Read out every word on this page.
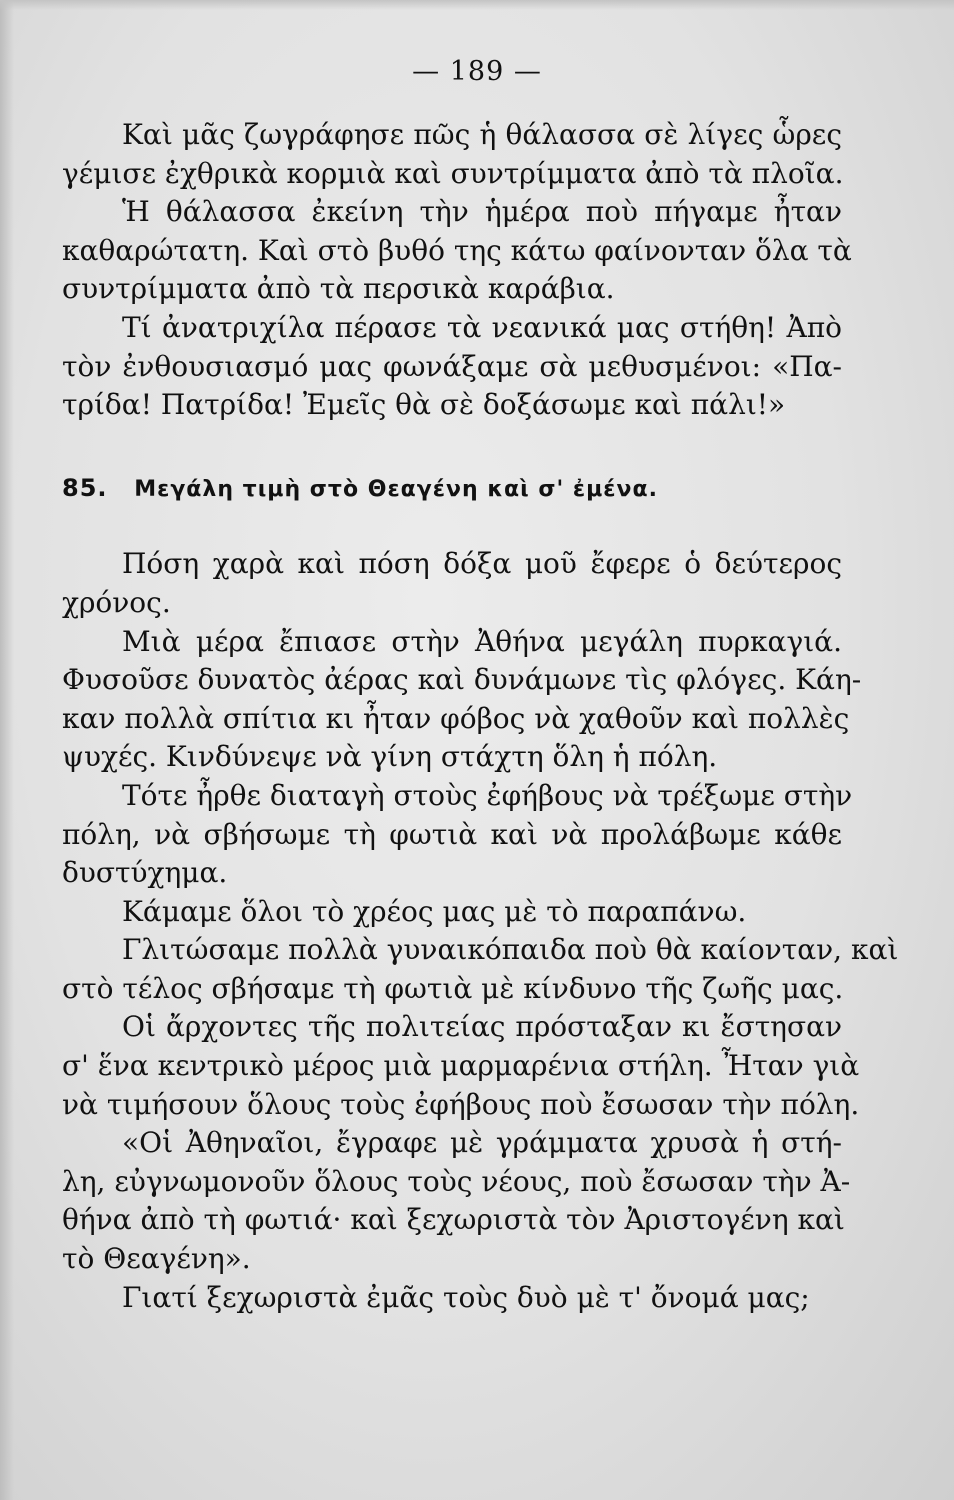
— 189 —
Καὶ μᾶς ζωγράφησε πῶς ἡ θάλασσα σὲ λίγες ὧρες
γέμισε ἐχθρικὰ κορμιὰ καὶ συντρίμματα ἀπὸ τὰ πλοῖα.
Ἡ θάλασσα ἐκείνη τὴν ἡμέρα ποὺ πήγαμε ἦταν
καθαρώτατη. Καὶ στὸ βυθό της κάτω φαίνονταν ὅλα τὰ
συντρίμματα ἀπὸ τὰ περσικὰ καράβια.
Τί ἀνατριχίλα πέρασε τὰ νεανικά μας στήθη! Ἀπὸ
τὸν ἐνθουσιασμό μας φωνάξαμε σὰ μεθυσμένοι: «Πα-
τρίδα! Πατρίδα! Ἐμεῖς θὰ σὲ δοξάσωμε καὶ πάλι!»
85. Μεγάλη τιμὴ στὸ Θεαγένη καὶ σ' ἐμένα.
Πόση χαρὰ καὶ πόση δόξα μοῦ ἔφερε ὁ δεύτερος
χρόνος.
Μιὰ μέρα ἔπιασε στὴν Ἀθήνα μεγάλη πυρκαγιά.
Φυσοῦσε δυνατὸς ἀέρας καὶ δυνάμωνε τὶς φλόγες. Κάη-
καν πολλὰ σπίτια κι ἦταν φόβος νὰ χαθοῦν καὶ πολλὲς
ψυχές. Κινδύνεψε νὰ γίνη στάχτη ὅλη ἡ πόλη.
Τότε ἦρθε διαταγὴ στοὺς ἐφήβους νὰ τρέξωμε στὴν
πόλη, νὰ σβήσωμε τὴ φωτιὰ καὶ νὰ προλάβωμε κάθε
δυστύχημα.
Κάμαμε ὅλοι τὸ χρέος μας μὲ τὸ παραπάνω.
Γλιτώσαμε πολλὰ γυναικόπαιδα ποὺ θὰ καίονταν, καὶ
στὸ τέλος σβήσαμε τὴ φωτιὰ μὲ κίνδυνο τῆς ζωῆς μας.
Οἱ ἄρχοντες τῆς πολιτείας πρόσταξαν κι ἔστησαν
σ' ἕνα κεντρικὸ μέρος μιὰ μαρμαρένια στήλη. Ἦταν γιὰ
νὰ τιμήσουν ὅλους τοὺς ἐφήβους ποὺ ἔσωσαν τὴν πόλη.
«Οἱ Ἀθηναῖοι, ἔγραφε μὲ γράμματα χρυσὰ ἡ στή-
λη, εὐγνωμονοῦν ὅλους τοὺς νέους, ποὺ ἔσωσαν τὴν Ἀ-
θήνα ἀπὸ τὴ φωτιά· καὶ ξεχωριστὰ τὸν Ἀριστογένη καὶ
τὸ Θεαγένη».
Γιατί ξεχωριστὰ ἐμᾶς τοὺς δυὸ μὲ τ' ὄνομά μας;
